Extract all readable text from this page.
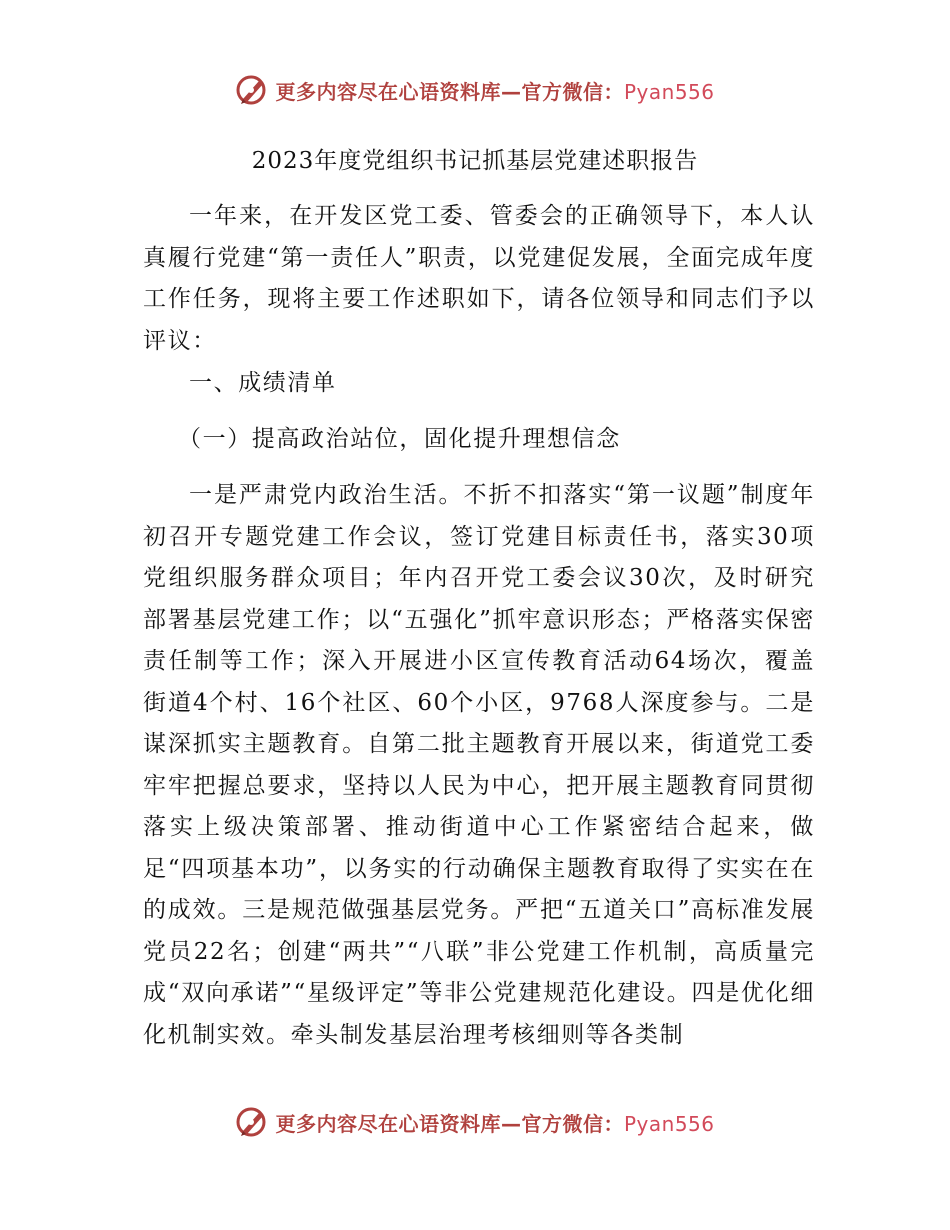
更多内容尽在心语资料库—官方微信：Pyan556
2023年度党组织书记抓基层党建述职报告
一年来，在开发区党工委、管委会的正确领导下，本人认真履行党建“第一责任人”职责，以党建促发展，全面完成年度工作任务，现将主要工作述职如下，请各位领导和同志们予以评议：
一、成绩清单
（一）提高政治站位，固化提升理想信念
一是严肃党内政治生活。不折不扣落实“第一议题”制度年初召开专题党建工作会议，签订党建目标责任书，落实30项党组织服务群众项目；年内召开党工委会议30次，及时研究部署基层党建工作；以“五强化”抓牢意识形态；严格落实保密责任制等工作；深入开展进小区宣传教育活动64场次，覆盖街道4个村、16个社区、60个小区，9768人深度参与。二是谋深抓实主题教育。自第二批主题教育开展以来，街道党工委牢牢把握总要求，坚持以人民为中心，把开展主题教育同贯彻落实上级决策部署、推动街道中心工作紧密结合起来，做足“四项基本功”，以务实的行动确保主题教育取得了实实在在的成效。三是规范做强基层党务。严把“五道关口”高标准发展党员22名；创建“两共”“八联”非公党建工作机制，高质量完成“双向承诺”“星级评定”等非公党建规范化建设。四是优化细化机制实效。牵头制发基层治理考核细则等各类制
更多内容尽在心语资料库—官方微信：Pyan556
